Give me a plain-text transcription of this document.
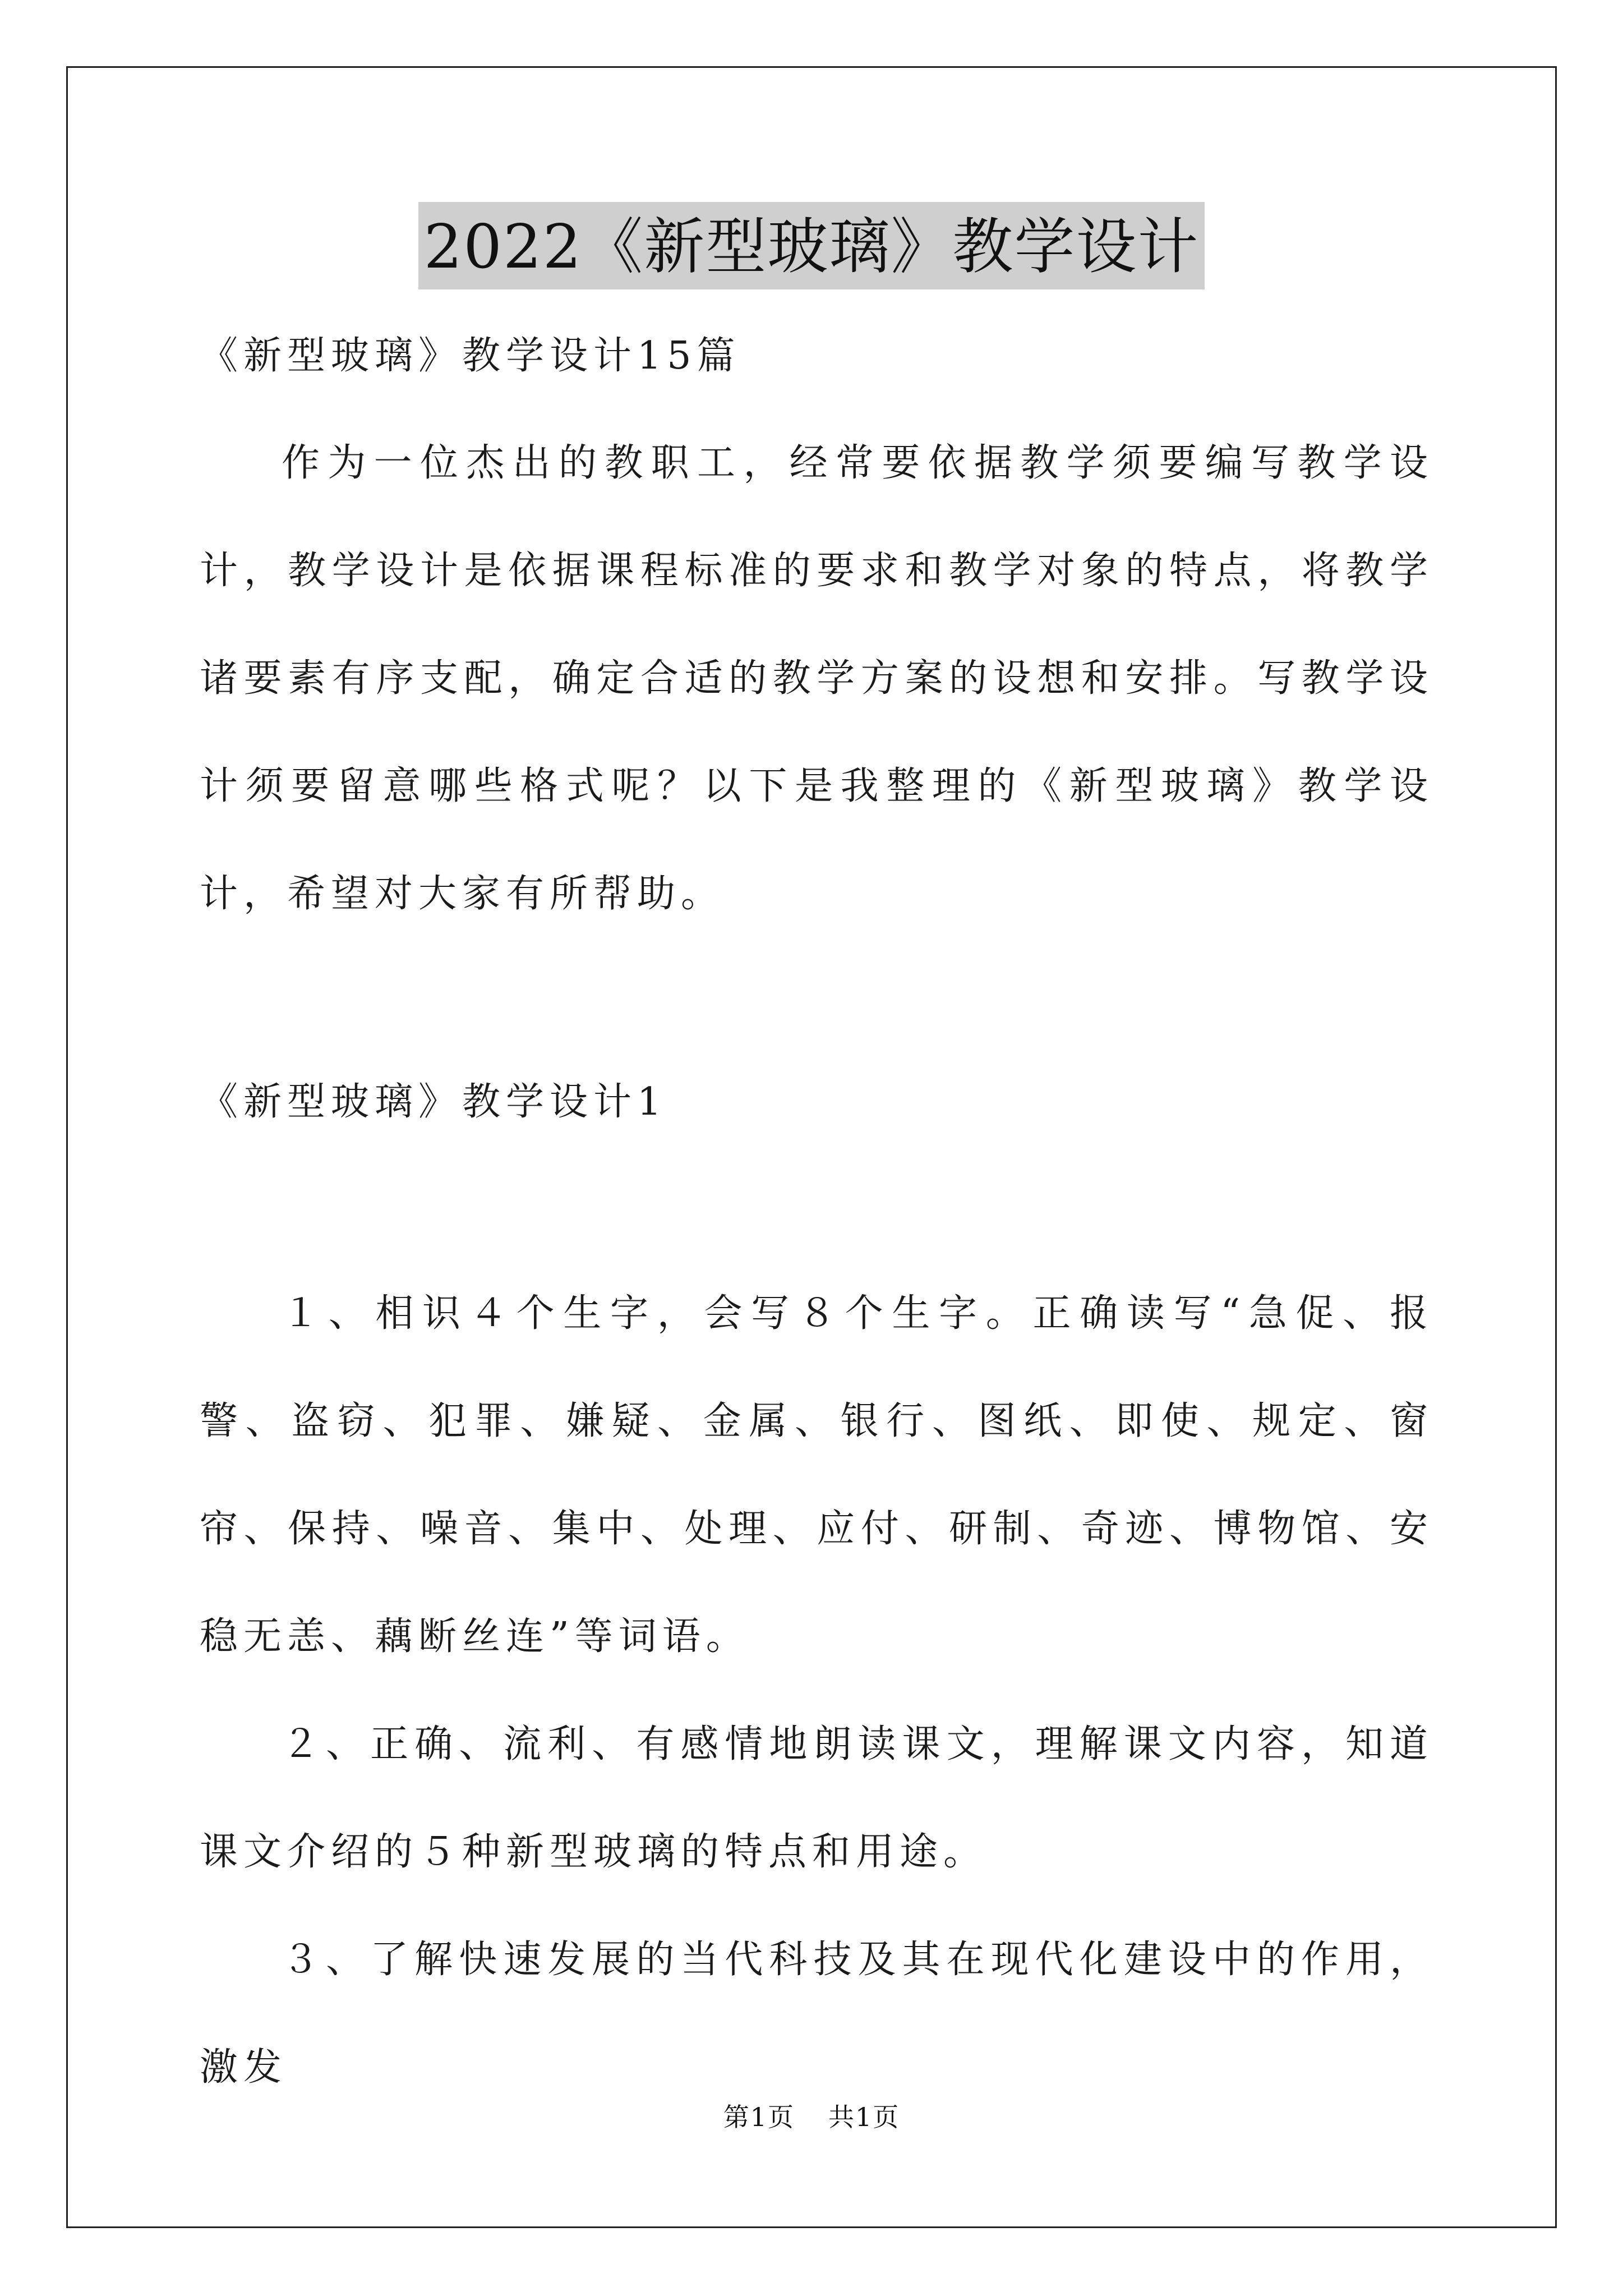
2022《新型玻璃》教学设计

《新型玻璃》教学设计15篇

作为一位杰出的教职工，经常要依据教学须要编写教学设计，教学设计是依据课程标准的要求和教学对象的特点，将教学诸要素有序支配，确定合适的教学方案的设想和安排。写教学设计须要留意哪些格式呢？以下是我整理的《新型玻璃》教学设计，希望对大家有所帮助。

《新型玻璃》教学设计1

１、相识４个生字，会写８个生字。正确读写“急促、报警、盗窃、犯罪、嫌疑、金属、银行、图纸、即使、规定、窗帘、保持、噪音、集中、处理、应付、研制、奇迹、博物馆、安稳无恙、藕断丝连”等词语。

２、正确、流利、有感情地朗读课文，理解课文内容，知道课文介绍的５种新型玻璃的特点和用途。

３、了解快速发展的当代科技及其在现代化建设中的作用，激发

第1页 共1页
